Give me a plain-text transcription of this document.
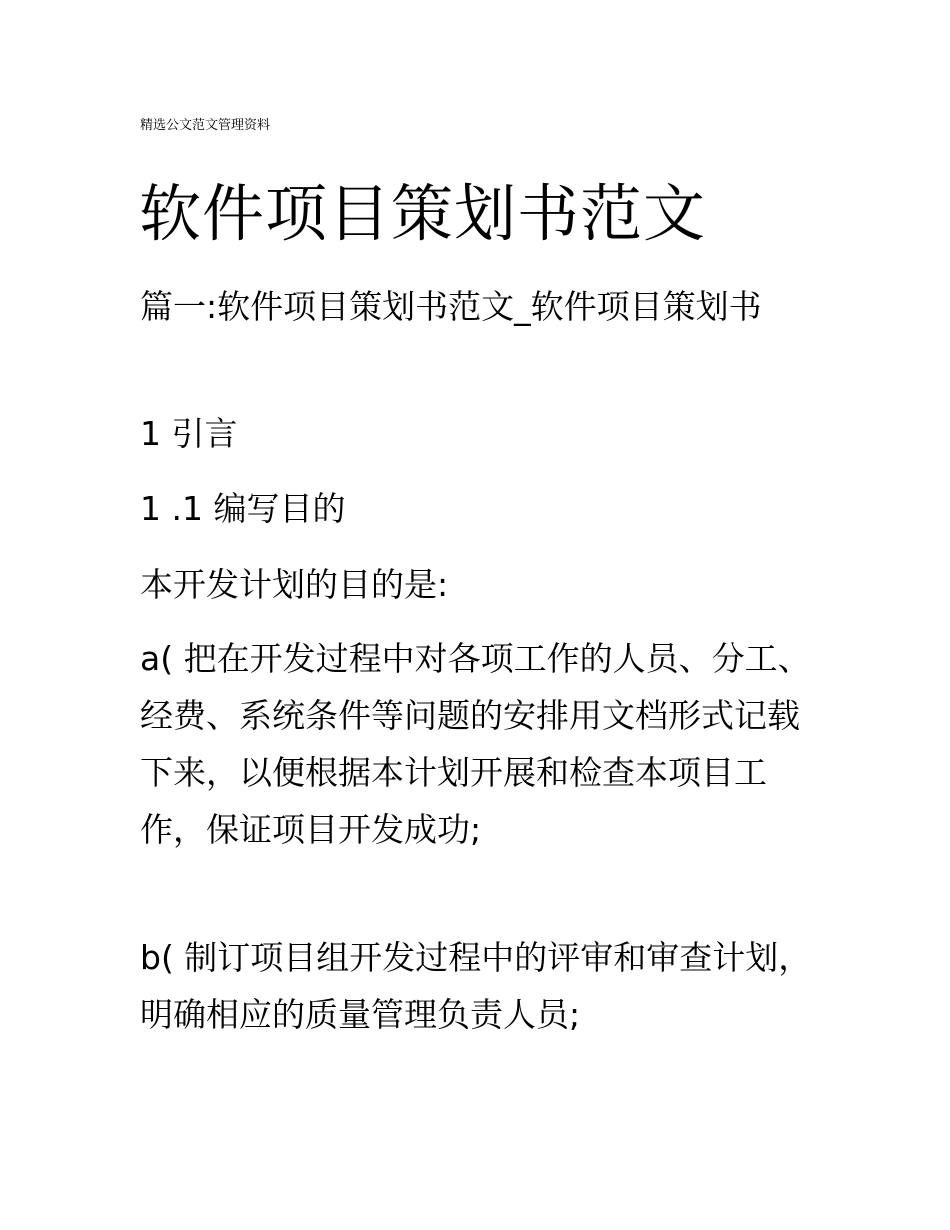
精选公文范文管理资料
软件项目策划书范文
篇一:软件项目策划书范文_软件项目策划书
1 引言
1 .1 编写目的
本开发计划的目的是:
a( 把在开发过程中对各项工作的人员、分工、经费、系统条件等问题的安排用文档形式记载下来，以便根据本计划开展和检查本项目工作，保证项目开发成功;
b( 制订项目组开发过程中的评审和审查计划，明确相应的质量管理负责人员;
